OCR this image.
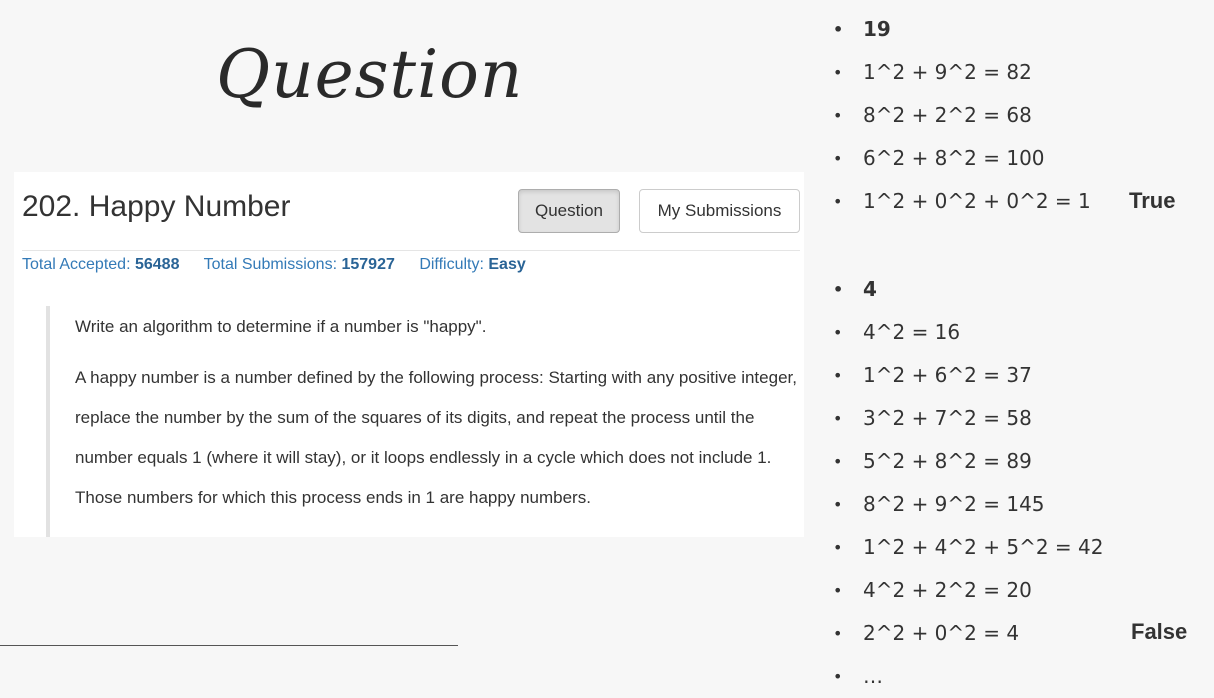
Question
202. Happy Number	Question	My Submissions
Total Accepted: 56488 Total Submissions: 157927 Difficulty: Easy

Write an algorithm to determine if a number is "happy".

A happy number is a number defined by the following process: Starting with any positive integer, replace the number by the sum of the squares of its digits, and repeat the process until the number equals 1 (where it will stay), or it loops endlessly in a cycle which does not include 1. Those numbers for which this process ends in 1 are happy numbers.

• 19
• 1^2 + 9^2 = 82
• 8^2 + 2^2 = 68
• 6^2 + 8^2 = 100
• 1^2 + 0^2 + 0^2 = 1 True
• 4
• 4^2 = 16
• 1^2 + 6^2 = 37
• 3^2 + 7^2 = 58
• 5^2 + 8^2 = 89
• 8^2 + 9^2 = 145
• 1^2 + 4^2 + 5^2 = 42
• 4^2 + 2^2 = 20
• 2^2 + 0^2 = 4
• …
False
